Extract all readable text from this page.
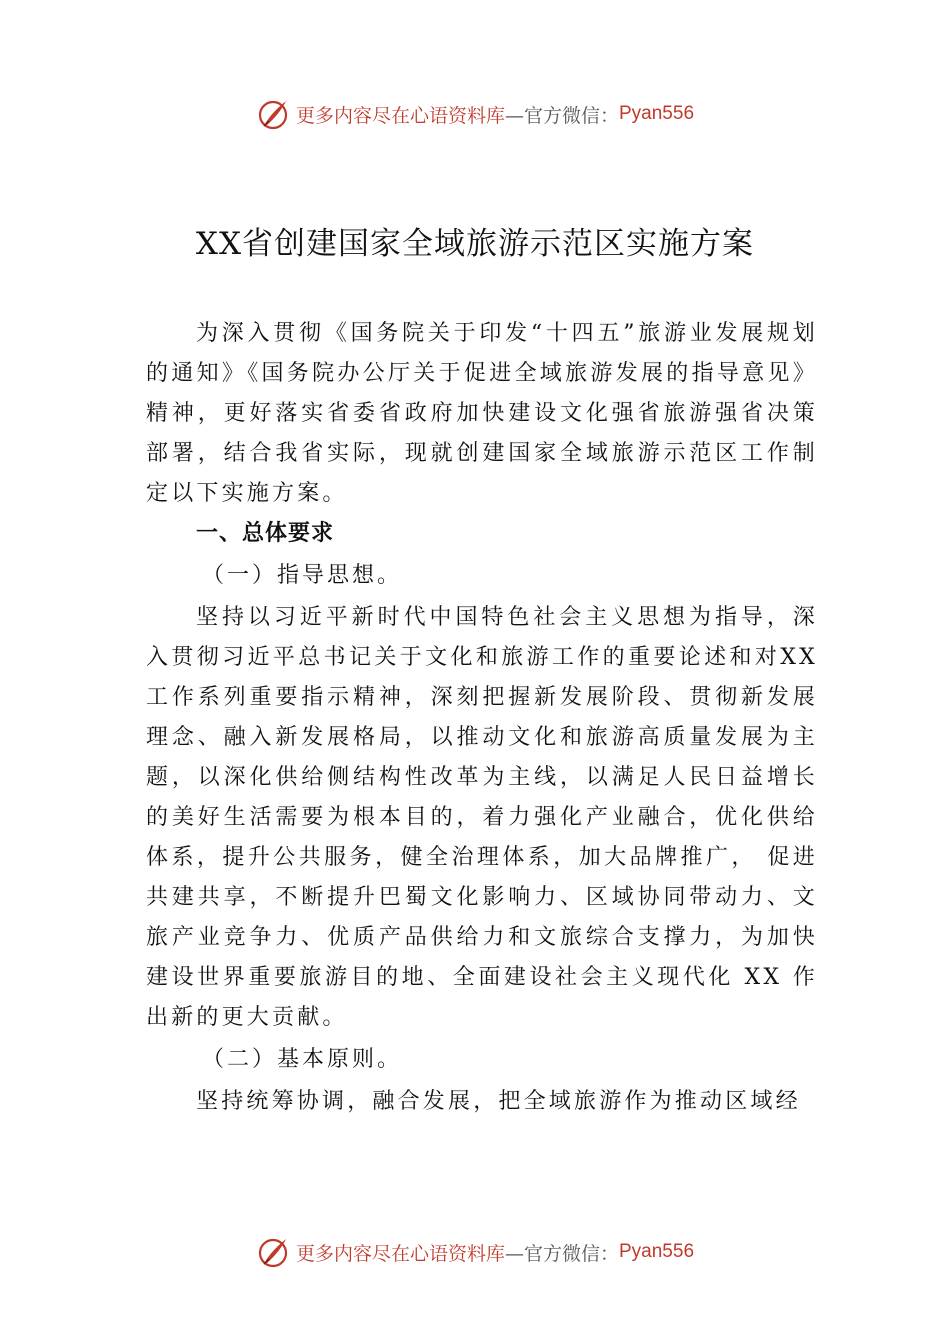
更多内容尽在心语资料库 —官方微信： Pyan556
XX省创建国家全域旅游示范区实施方案

为深入贯彻《国务院关于印发“十四五”旅游业发展规划的通知》《国务院办公厅关于促进全域旅游发展的指导意见》精神，更好落实省委省政府加快建设文化强省旅游强省决策部署，结合我省实际，现就创建国家全域旅游示范区工作制定以下实施方案。

一、总体要求

（一）指导思想。

坚持以习近平新时代中国特色社会主义思想为指导，深入贯彻习近平总书记关于文化和旅游工作的重要论述和对XX 工作系列重要指示精神，深刻把握新发展阶段、贯彻新发展理念、融入新发展格局，以推动文化和旅游高质量发展为主题，以深化供给侧结构性改革为主线，以满足人民日益增长的美好生活需要为根本目的，着力强化产业融合，优化供给体系，提升公共服务，健全治理体系，加大品牌推广， 促进共建共享，不断提升巴蜀文化影响力、区域协同带动力、文旅产业竞争力、优质产品供给力和文旅综合支撑力，为加快建设世界重要旅游目的地、全面建设社会主义现代化 XX 作出新的更大贡献。

（二）基本原则。

坚持统筹协调，融合发展，把全域旅游作为推动区域经

更多内容尽在心语资料库 —官方微信： Pyan556
